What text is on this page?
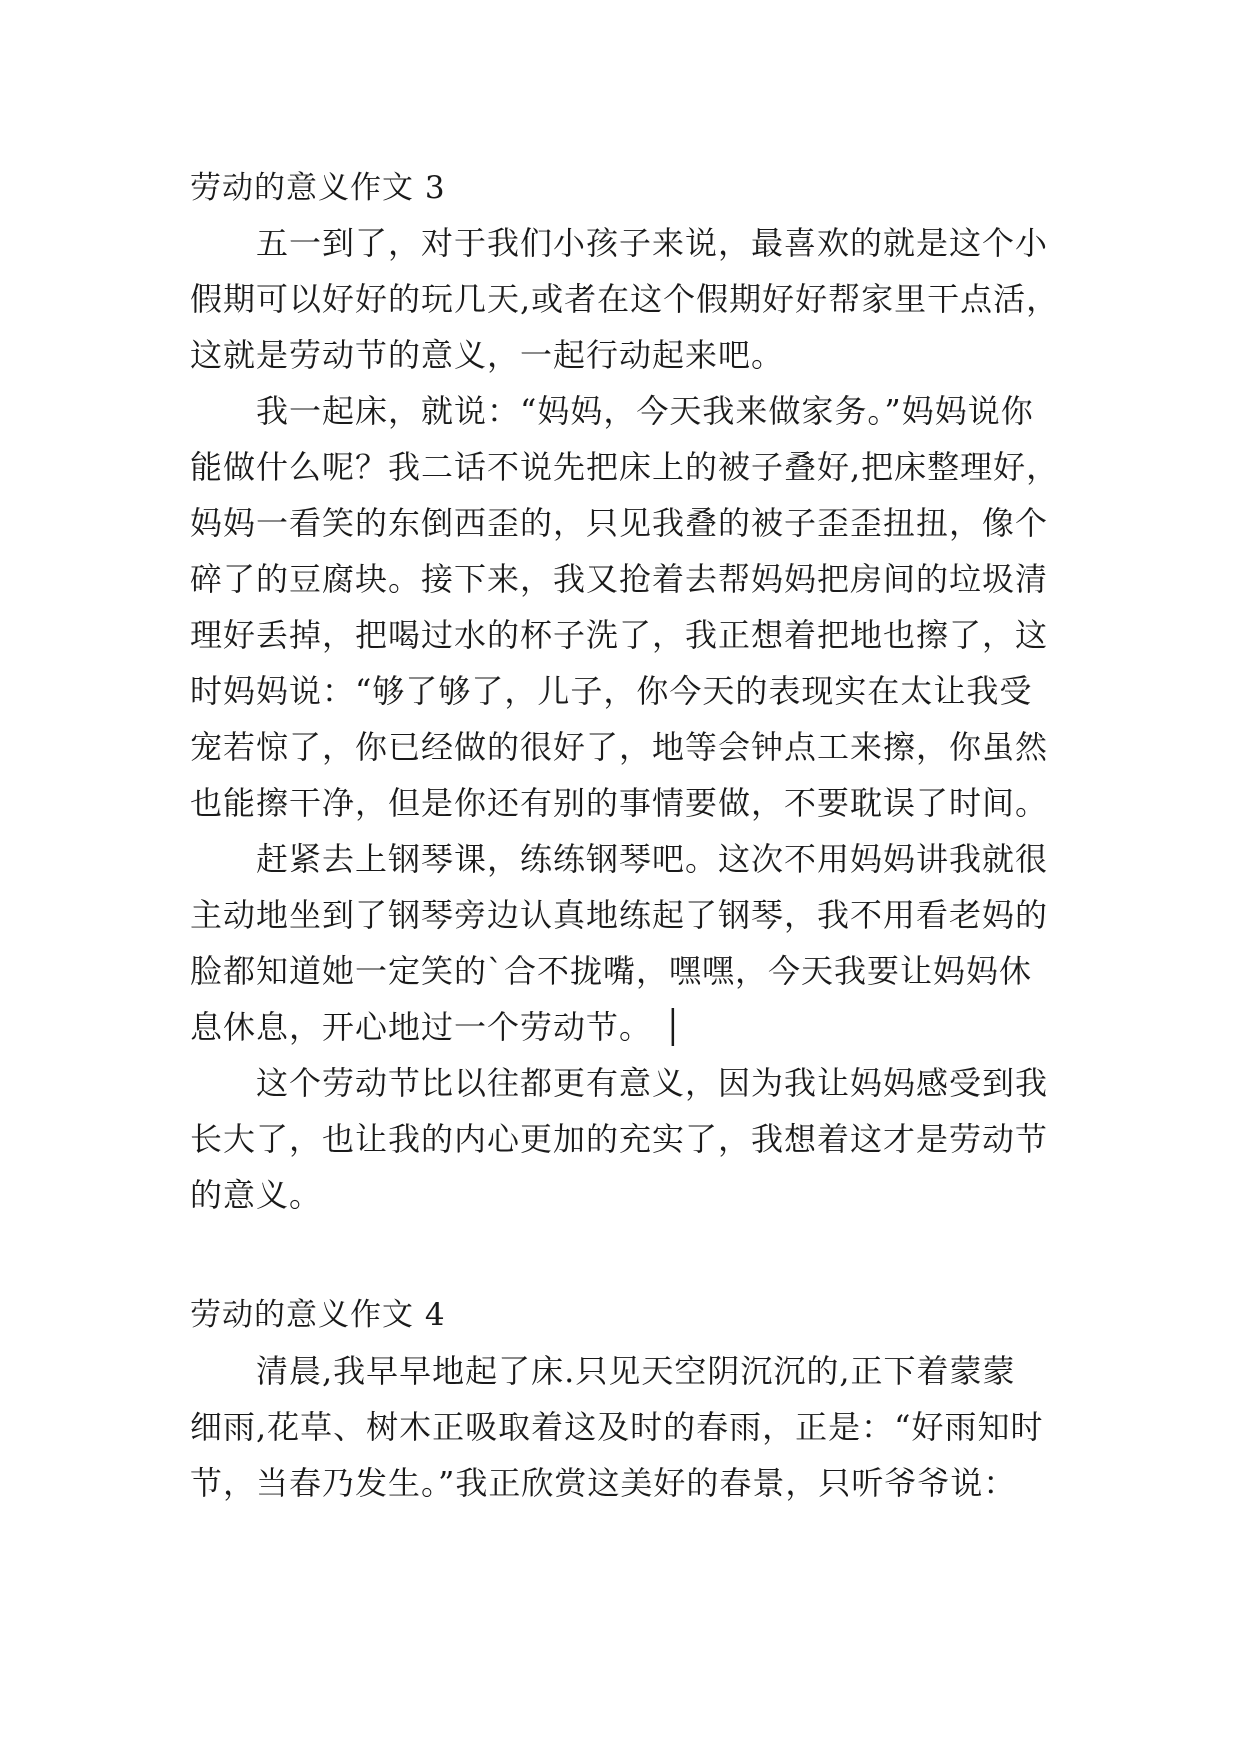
劳动的意义作文 3
五一到了，对于我们小孩子来说，最喜欢的就是这个小
假期可以好好的玩几天,或者在这个假期好好帮家里干点活，
这就是劳动节的意义，一起行动起来吧。
我一起床，就说：“妈妈，今天我来做家务。”妈妈说你
能做什么呢？我二话不说先把床上的被子叠好,把床整理好，
妈妈一看笑的东倒西歪的，只见我叠的被子歪歪扭扭，像个
碎了的豆腐块。接下来，我又抢着去帮妈妈把房间的垃圾清
理好丢掉，把喝过水的杯子洗了，我正想着把地也擦了，这
时妈妈说：“够了够了，儿子，你今天的表现实在太让我受
宠若惊了，你已经做的很好了，地等会钟点工来擦，你虽然
也能擦干净，但是你还有别的事情要做，不要耽误了时间。
赶紧去上钢琴课，练练钢琴吧。这次不用妈妈讲我就很
主动地坐到了钢琴旁边认真地练起了钢琴，我不用看老妈的
脸都知道她一定笑的`合不拢嘴，嘿嘿，今天我要让妈妈休
息休息，开心地过一个劳动节。 │
这个劳动节比以往都更有意义，因为我让妈妈感受到我
长大了，也让我的内心更加的充实了，我想着这才是劳动节
的意义。
劳动的意义作文 4
清晨,我早早地起了床.只见天空阴沉沉的,正下着蒙蒙
细雨,花草、树木正吸取着这及时的春雨，正是：“好雨知时
节，当春乃发生。”我正欣赏这美好的春景，只听爷爷说：
